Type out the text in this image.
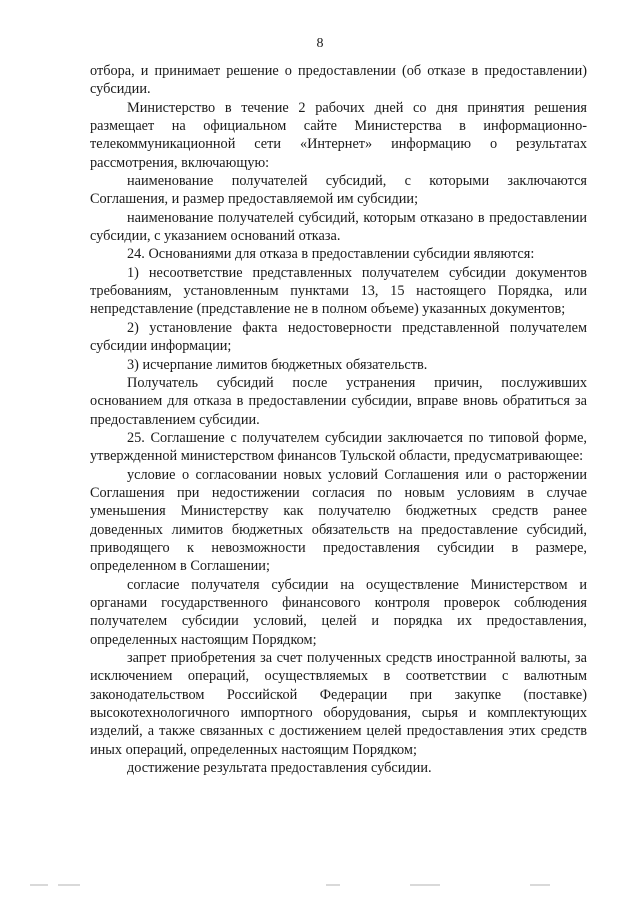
8

отбора, и принимает решение о предоставлении (об отказе в предоставлении) субсидии.

Министерство в течение 2 рабочих дней со дня принятия решения размещает на официальном сайте Министерства в информационно-телекоммуникационной сети «Интернет» информацию о результатах рассмотрения, включающую:

наименование получателей субсидий, с которыми заключаются Соглашения, и размер предоставляемой им субсидии;

наименование получателей субсидий, которым отказано в предоставлении субсидии, с указанием оснований отказа.

24. Основаниями для отказа в предоставлении субсидии являются:

1) несоответствие представленных получателем субсидии документов требованиям, установленным пунктами 13, 15 настоящего Порядка, или непредставление (представление не в полном объеме) указанных документов;

2) установление факта недостоверности представленной получателем субсидии информации;

3) исчерпание лимитов бюджетных обязательств.

Получатель субсидий после устранения причин, послуживших основанием для отказа в предоставлении субсидии, вправе вновь обратиться за предоставлением субсидии.

25. Соглашение с получателем субсидии заключается по типовой форме, утвержденной министерством финансов Тульской области, предусматривающее:

условие о согласовании новых условий Соглашения или о расторжении Соглашения при недостижении согласия по новым условиям в случае уменьшения Министерству как получателю бюджетных средств ранее доведенных лимитов бюджетных обязательств на предоставление субсидий, приводящего к невозможности предоставления субсидии в размере, определенном в Соглашении;

согласие получателя субсидии на осуществление Министерством и органами государственного финансового контроля проверок соблюдения получателем субсидии условий, целей и порядка их предоставления, определенных настоящим Порядком;

запрет приобретения за счет полученных средств иностранной валюты, за исключением операций, осуществляемых в соответствии с валютным законодательством Российской Федерации при закупке (поставке) высокотехнологичного импортного оборудования, сырья и комплектующих изделий, а также связанных с достижением целей предоставления этих средств иных операций, определенных настоящим Порядком;

достижение результата предоставления субсидии.
